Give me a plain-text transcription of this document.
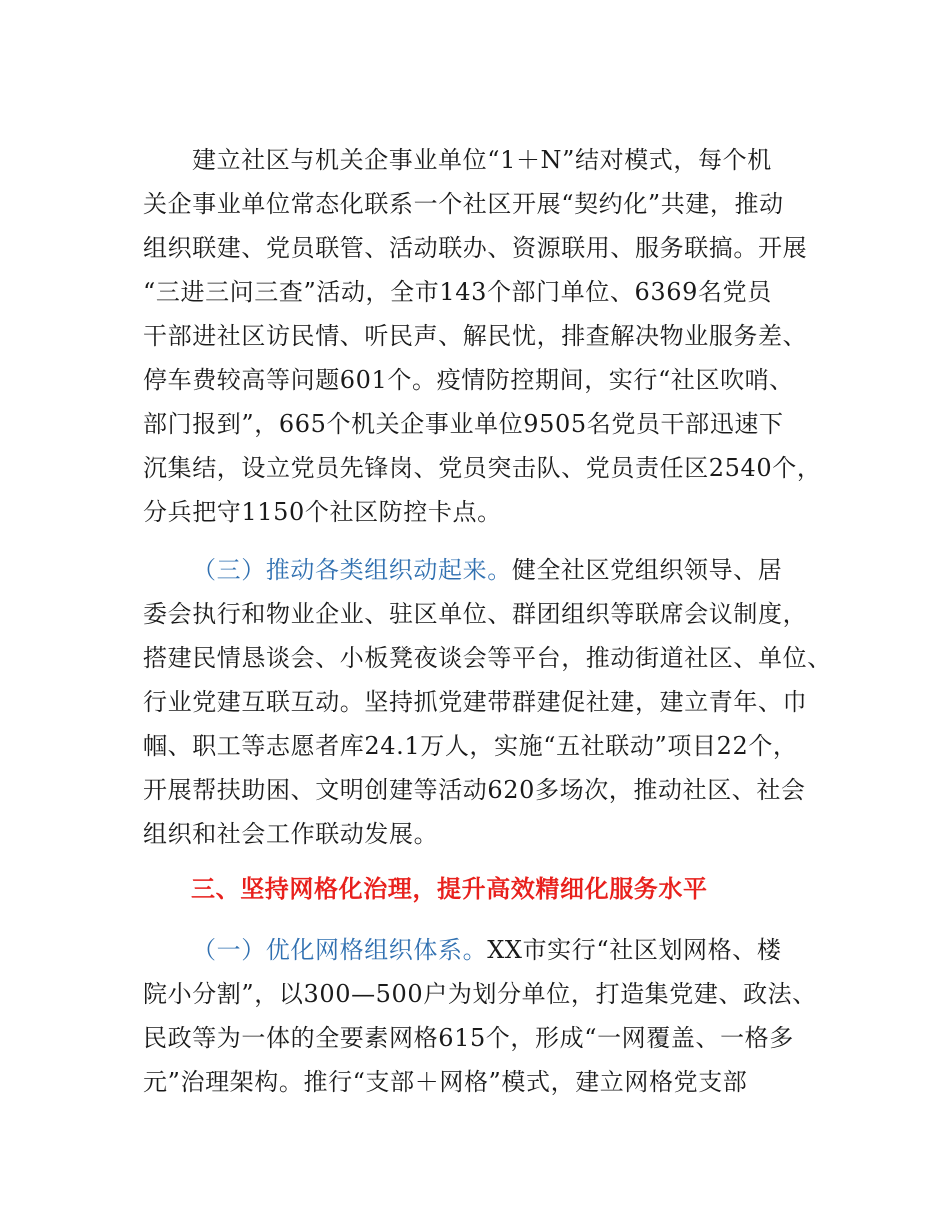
建立社区与机关企事业单位“1＋N”结对模式，每个机
关企事业单位常态化联系一个社区开展“契约化”共建，推动
组织联建、党员联管、活动联办、资源联用、服务联搞。开展
“三进三问三查”活动，全市143个部门单位、6369名党员
干部进社区访民情、听民声、解民忧，排查解决物业服务差、
停车费较高等问题601个。疫情防控期间，实行“社区吹哨、
部门报到”，665个机关企事业单位9505名党员干部迅速下
沉集结，设立党员先锋岗、党员突击队、党员责任区2540个，
分兵把守1150个社区防控卡点。
（三）推动各类组织动起来。健全社区党组织领导、居
委会执行和物业企业、驻区单位、群团组织等联席会议制度，
搭建民情恳谈会、小板凳夜谈会等平台，推动街道社区、单位、
行业党建互联互动。坚持抓党建带群建促社建，建立青年、巾
帼、职工等志愿者库24.1万人，实施“五社联动”项目22个，
开展帮扶助困、文明创建等活动620多场次，推动社区、社会
组织和社会工作联动发展。
三、坚持网格化治理，提升高效精细化服务水平
（一）优化网格组织体系。XX市实行“社区划网格、楼
院小分割”，以300—500户为划分单位，打造集党建、政法、
民政等为一体的全要素网格615个，形成“一网覆盖、一格多
元”治理架构。推行“支部＋网格”模式，建立网格党支部
